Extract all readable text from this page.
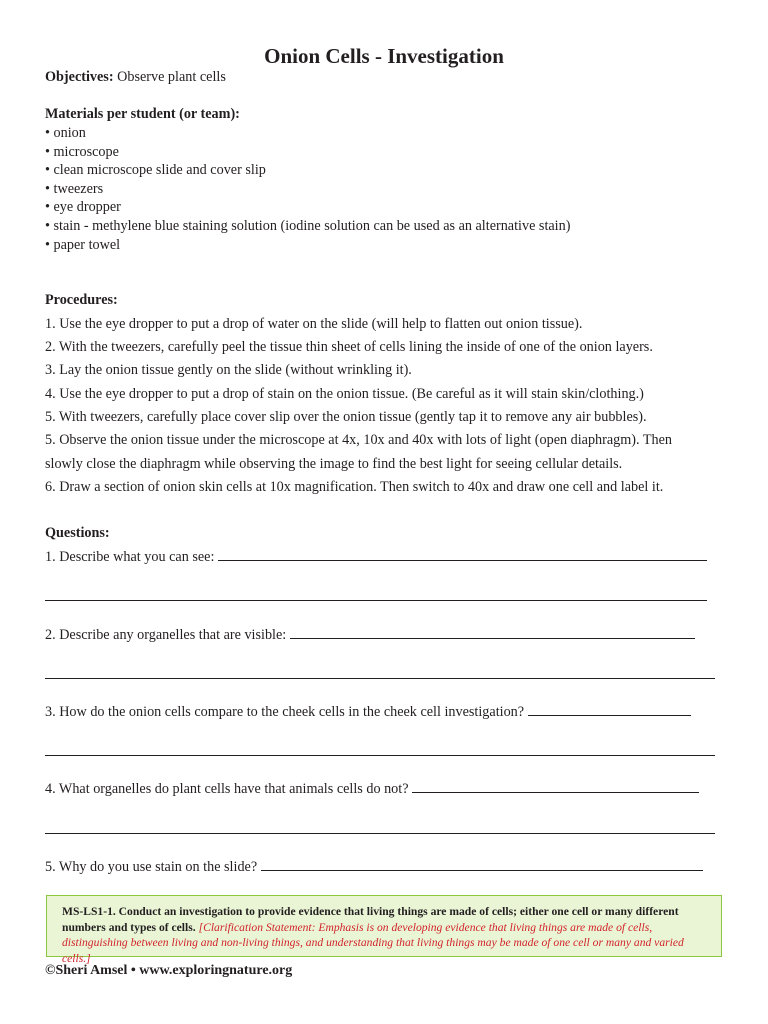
Onion Cells - Investigation
Objectives: Observe plant cells
Materials per student (or team):
• onion
• microscope
• clean microscope slide and cover slip
• tweezers
• eye dropper
• stain - methylene blue staining solution (iodine solution can be used as an alternative stain)
• paper towel
Procedures:
1. Use the eye dropper to put a drop of water on the slide (will help to flatten out onion tissue).
2. With the tweezers, carefully peel the tissue thin sheet of cells lining the inside of one of the onion layers.
3. Lay the onion tissue gently on the slide (without wrinkling it).
4. Use the eye dropper to put a drop of stain on the onion tissue. (Be careful as it will stain skin/clothing.)
5. With tweezers, carefully place cover slip over the onion tissue (gently tap it to remove any air bubbles).
5. Observe the onion tissue under the microscope at 4x, 10x and 40x with lots of light (open diaphragm). Then
slowly close the diaphragm while observing the image to find the best light for seeing cellular details.
6. Draw a section of onion skin cells at 10x magnification. Then switch to 40x and draw one cell and label it.
Questions:
1. Describe what you can see:
2. Describe any organelles that are visible:
3. How do the onion cells compare to the cheek cells in the cheek cell investigation?
4. What organelles do plant cells have that animals cells do not?
5. Why do you use stain on the slide?
MS-LS1-1. Conduct an investigation to provide evidence that living things are made of cells; either one cell or many different numbers and types of cells. [Clarification Statement: Emphasis is on developing evidence that living things are made of cells, distinguishing between living and non-living things, and understanding that living things may be made of one cell or many and varied cells.]
©Sheri Amsel • www.exploringnature.org
